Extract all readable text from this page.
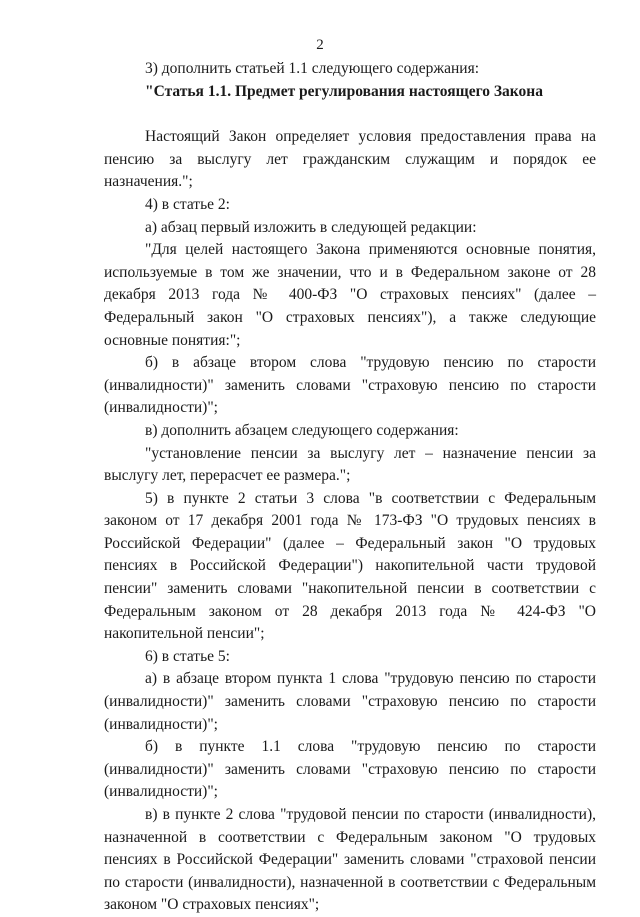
2

3) дополнить статьей 1.1 следующего содержания:

"Статья 1.1. Предмет регулирования настоящего Закона

Настоящий Закон определяет условия предоставления права на пенсию за выслугу лет гражданским служащим и порядок ее назначения.";

4) в статье 2:

а) абзац первый изложить в следующей редакции:

"Для целей настоящего Закона применяются основные понятия, используемые в том же значении, что и в Федеральном законе от 28 декабря 2013 года № 400-ФЗ "О страховых пенсиях" (далее – Федеральный закон "О страховых пенсиях"), а также следующие основные понятия:";

б) в абзаце втором слова "трудовую пенсию по старости (инвалидности)" заменить словами "страховую пенсию по старости (инвалидности)";

в) дополнить абзацем следующего содержания:

"установление пенсии за выслугу лет – назначение пенсии за выслугу лет, перерасчет ее размера.";

5) в пункте 2 статьи 3 слова "в соответствии с Федеральным законом от 17 декабря 2001 года № 173-ФЗ "О трудовых пенсиях в Российской Федерации" (далее – Федеральный закон "О трудовых пенсиях в Российской Федерации") накопительной части трудовой пенсии" заменить словами "накопительной пенсии в соответствии с Федеральным законом от 28 декабря 2013 года № 424-ФЗ "О накопительной пенсии";

6) в статье 5:

а) в абзаце втором пункта 1 слова "трудовую пенсию по старости (инвалидности)" заменить словами "страховую пенсию по старости (инвалидности)";

б) в пункте 1.1 слова "трудовую пенсию по старости (инвалидности)" заменить словами "страховую пенсию по старости (инвалидности)";

в) в пункте 2 слова "трудовой пенсии по старости (инвалидности), назначенной в соответствии с Федеральным законом "О трудовых пенсиях в Российской Федерации" заменить словами "страховой пенсии по старости (инвалидности), назначенной в соответствии с Федеральным законом "О страховых пенсиях";
